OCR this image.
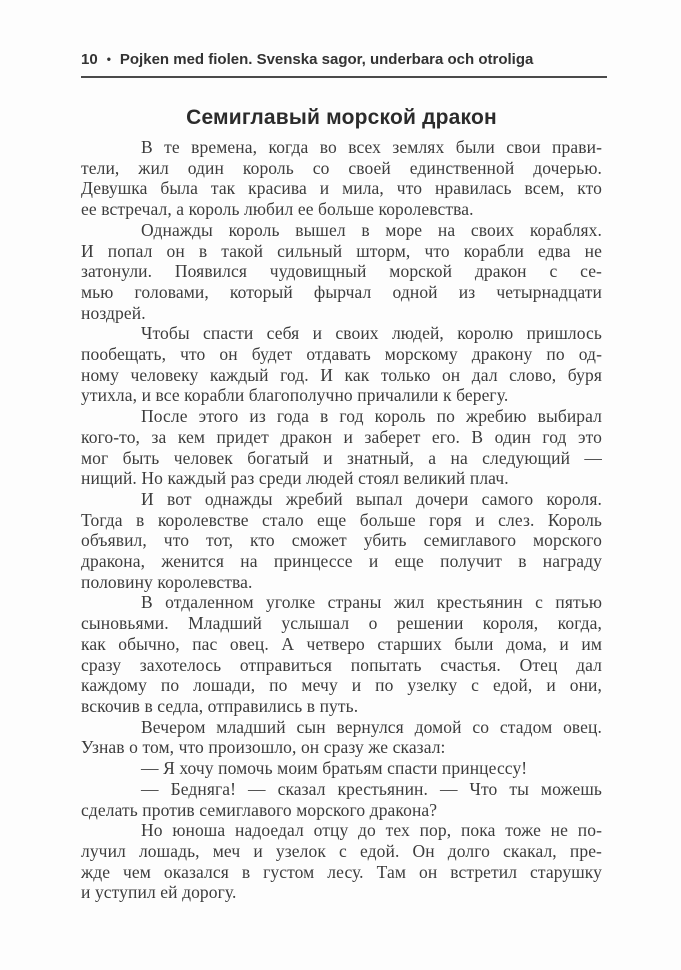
10 • Pojken med fiolen. Svenska sagor, underbara och otroliga
Семиглавый морской дракон
В те времена, когда во всех землях были свои прави-
тели, жил один король со своей единственной дочерью.
Девушка была так красива и мила, что нравилась всем, кто
ее встречал, а король любил ее больше королевства.
Однажды король вышел в море на своих кораблях.
И попал он в такой сильный шторм, что корабли едва не
затонули. Появился чудовищный морской дракон с се-
мью головами, который фырчал одной из четырнадцати
ноздрей.
Чтобы спасти себя и своих людей, королю пришлось
пообещать, что он будет отдавать морскому дракону по од-
ному человеку каждый год. И как только он дал слово, буря
утихла, и все корабли благополучно причалили к берегу.
После этого из года в год король по жребию выбирал
кого-то, за кем придет дракон и заберет его. В один год это
мог быть человек богатый и знатный, а на следующий —
нищий. Но каждый раз среди людей стоял великий плач.
И вот однажды жребий выпал дочери самого короля.
Тогда в королевстве стало еще больше горя и слез. Король
объявил, что тот, кто сможет убить семиглавого морского
дракона, женится на принцессе и еще получит в награду
половину королевства.
В отдаленном уголке страны жил крестьянин с пятью
сыновьями. Младший услышал о решении короля, когда,
как обычно, пас овец. А четверо старших были дома, и им
сразу захотелось отправиться попытать счастья. Отец дал
каждому по лошади, по мечу и по узелку с едой, и они,
вскочив в седла, отправились в путь.
Вечером младший сын вернулся домой со стадом овец.
Узнав о том, что произошло, он сразу же сказал:
— Я хочу помочь моим братьям спасти принцессу!
— Бедняга! — сказал крестьянин. — Что ты можешь
сделать против семиглавого морского дракона?
Но юноша надоедал отцу до тех пор, пока тоже не по-
лучил лошадь, меч и узелок с едой. Он долго скакал, пре-
жде чем оказался в густом лесу. Там он встретил старушку
и уступил ей дорогу.
